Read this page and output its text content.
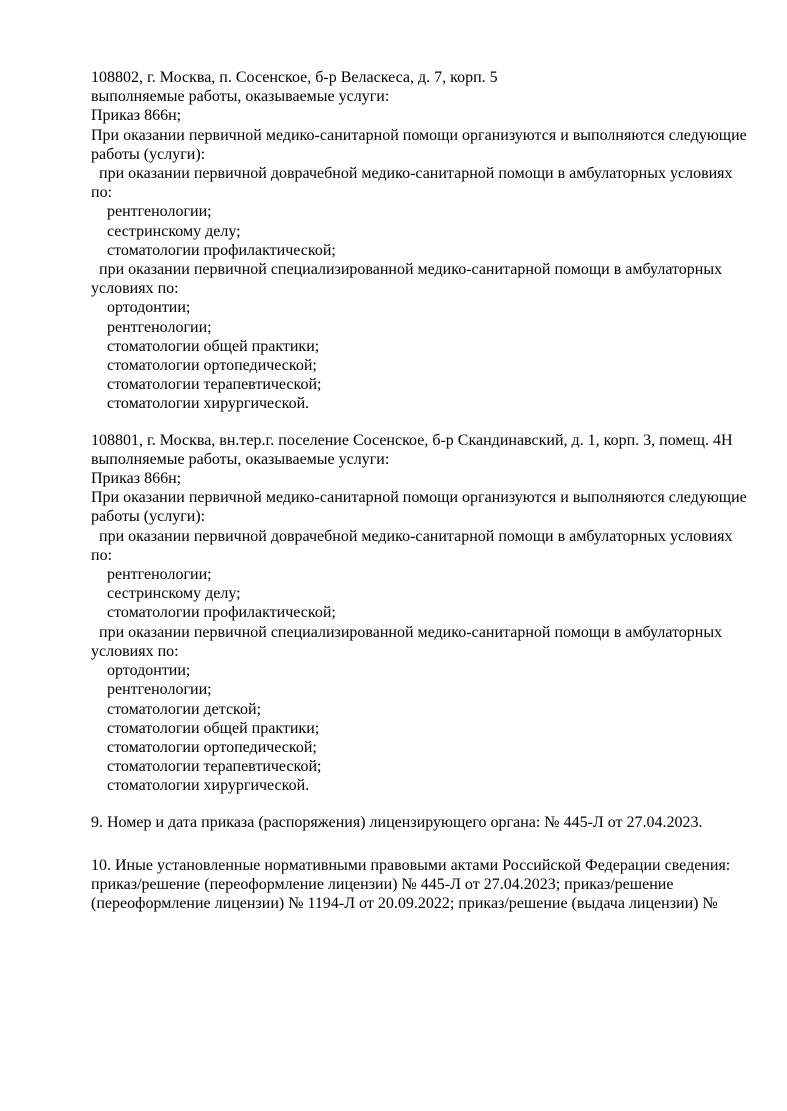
108802, г. Москва, п. Сосенское, б-р Веласкеса, д. 7, корп. 5
выполняемые работы, оказываемые услуги:
Приказ 866н;
При оказании первичной медико-санитарной помощи организуются и выполняются следующие
работы (услуги):
при оказании первичной доврачебной медико-санитарной помощи в амбулаторных условиях
по:
рентгенологии;
сестринскому делу;
стоматологии профилактической;
при оказании первичной специализированной медико-санитарной помощи в амбулаторных
условиях по:
ортодонтии;
рентгенологии;
стоматологии общей практики;
стоматологии ортопедической;
стоматологии терапевтической;
стоматологии хирургической.
108801, г. Москва, вн.тер.г. поселение Сосенское, б-р Скандинавский, д. 1, корп. 3, помещ. 4Н
выполняемые работы, оказываемые услуги:
Приказ 866н;
При оказании первичной медико-санитарной помощи организуются и выполняются следующие
работы (услуги):
при оказании первичной доврачебной медико-санитарной помощи в амбулаторных условиях
по:
рентгенологии;
сестринскому делу;
стоматологии профилактической;
при оказании первичной специализированной медико-санитарной помощи в амбулаторных
условиях по:
ортодонтии;
рентгенологии;
стоматологии детской;
стоматологии общей практики;
стоматологии ортопедической;
стоматологии терапевтической;
стоматологии хирургической.
9. Номер и дата приказа (распоряжения) лицензирующего органа: № 445-Л от 27.04.2023.
10. Иные установленные нормативными правовыми актами Российской Федерации сведения:
приказ/решение (переоформление лицензии) № 445-Л от 27.04.2023; приказ/решение
(переоформление лицензии) № 1194-Л от 20.09.2022; приказ/решение (выдача лицензии) №
